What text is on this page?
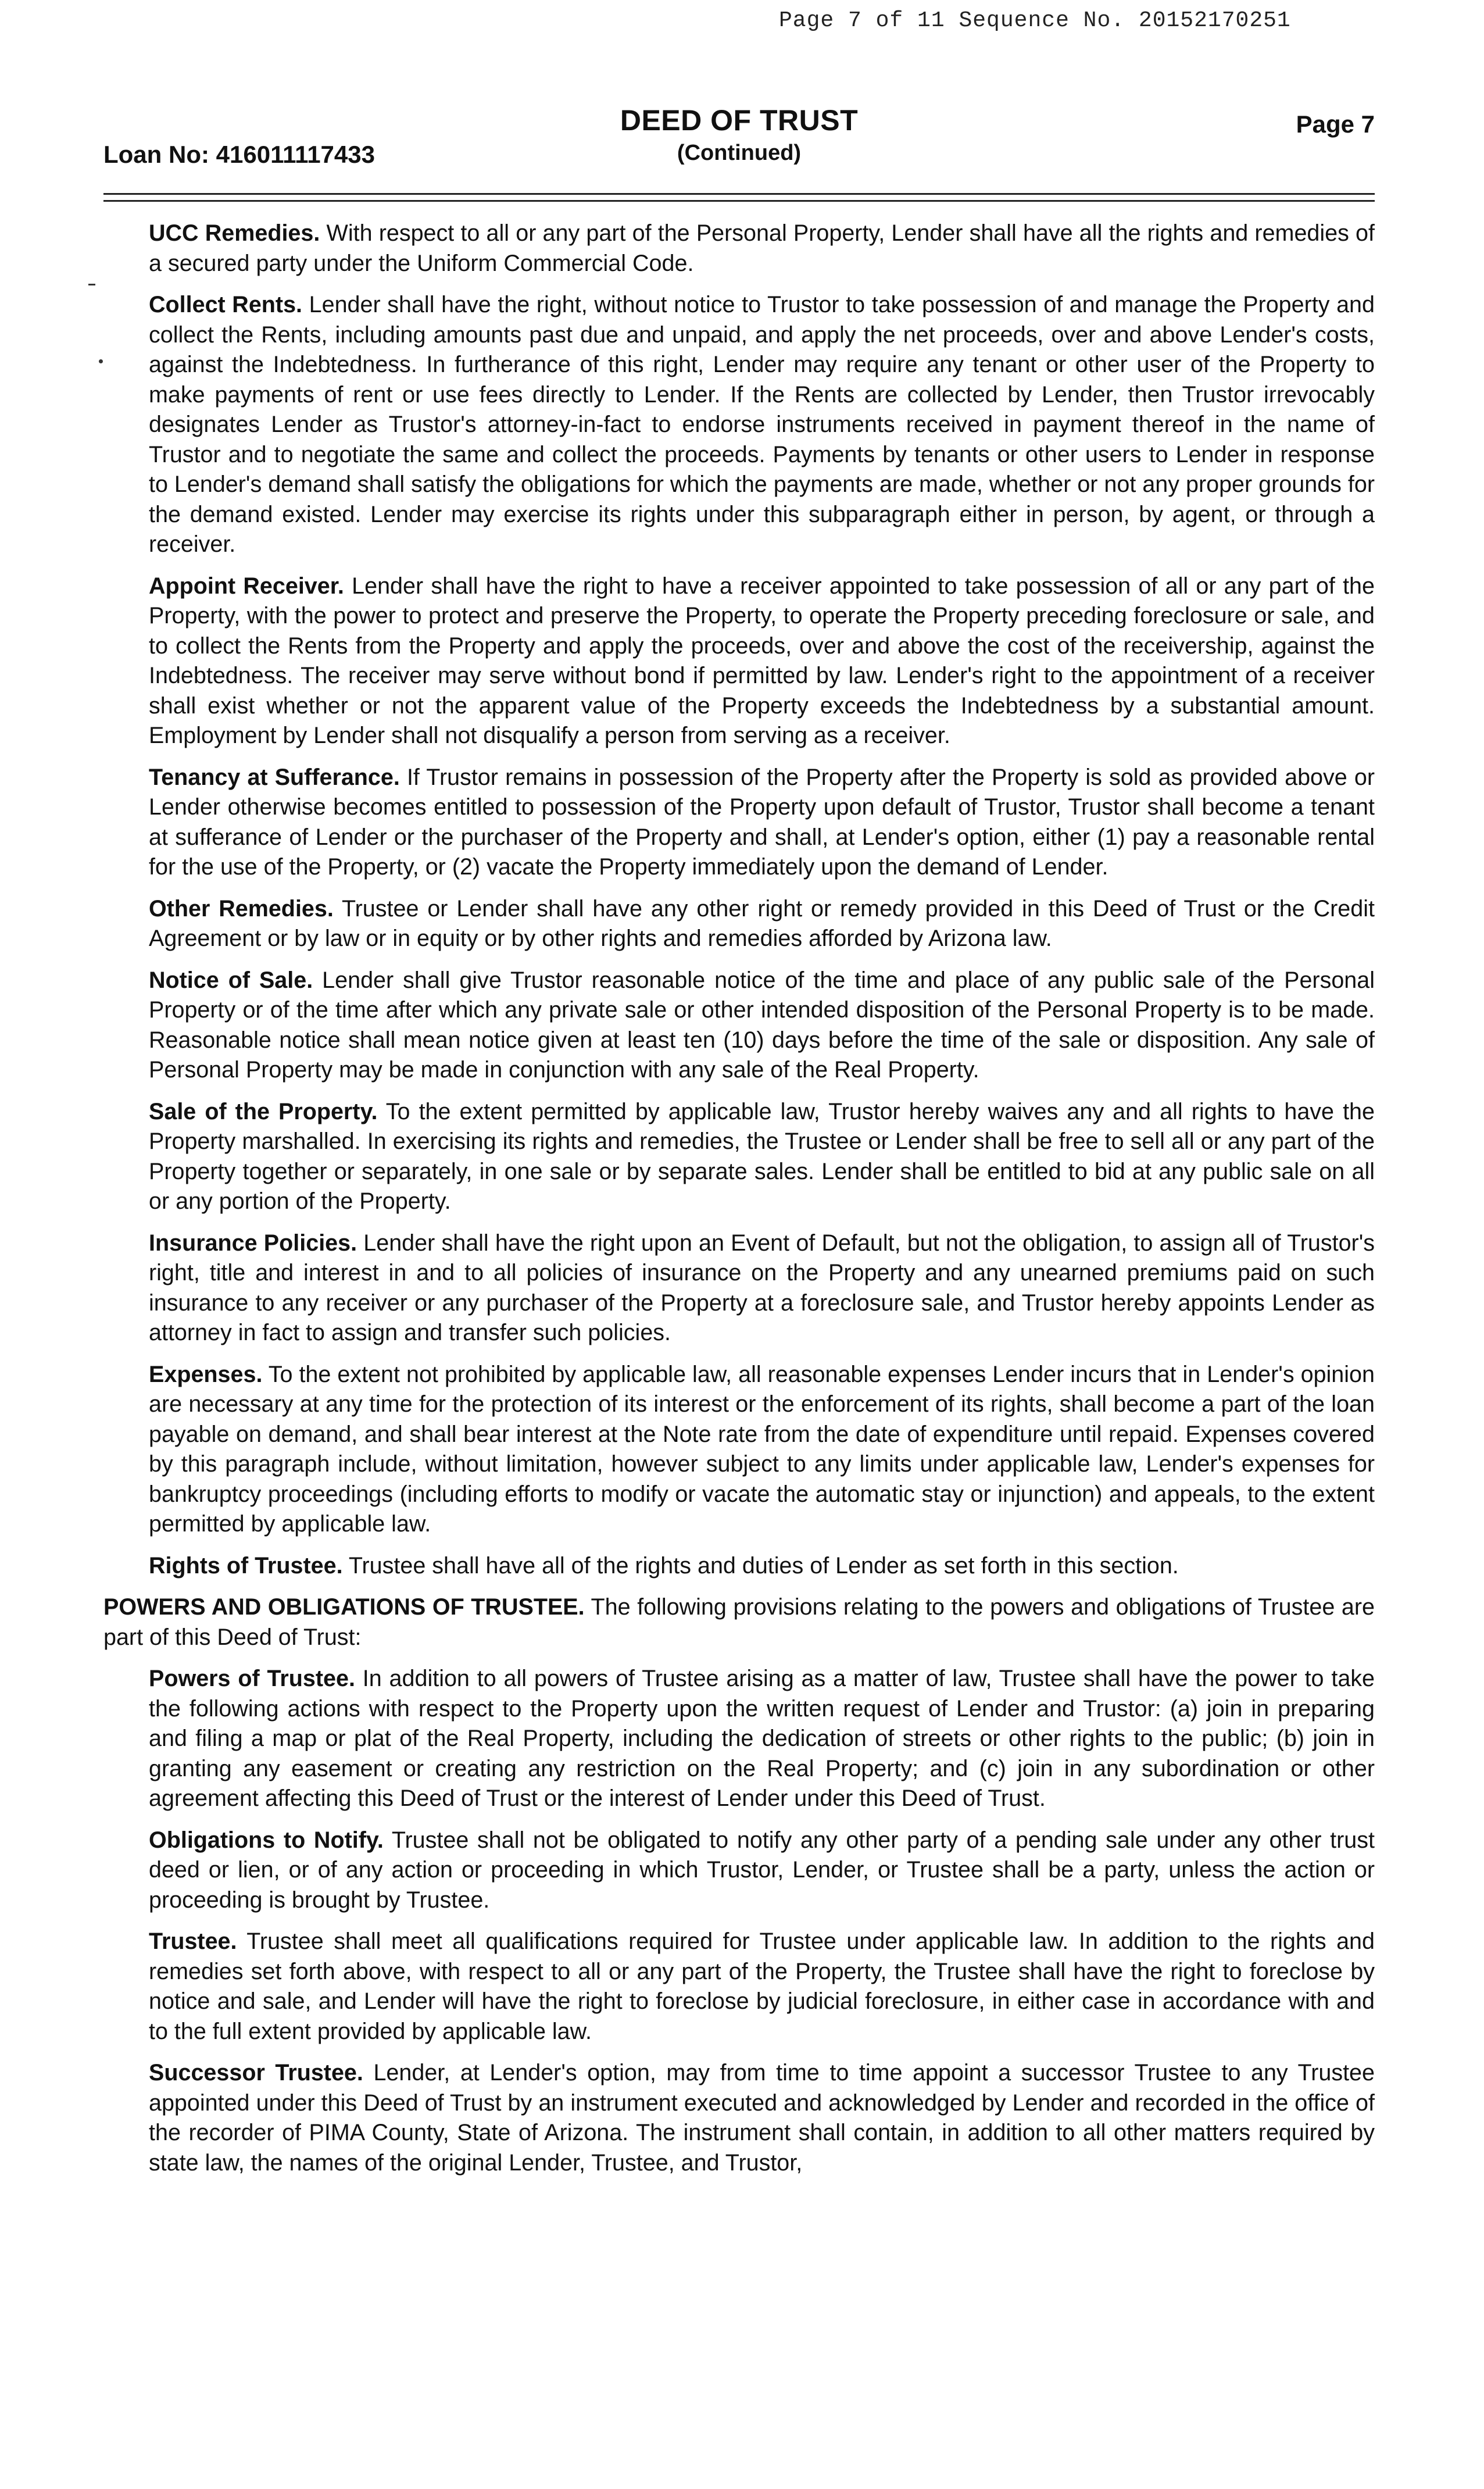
Page 7 of 11 Sequence No. 20152170251
Loan No: 416011117433
DEED OF TRUST
(Continued)
Page 7

UCC Remedies. With respect to all or any part of the Personal Property, Lender shall have all the rights and remedies of a secured party under the Uniform Commercial Code.

Collect Rents. Lender shall have the right, without notice to Trustor to take possession of and manage the Property and collect the Rents, including amounts past due and unpaid, and apply the net proceeds, over and above Lender's costs, against the Indebtedness. In furtherance of this right, Lender may require any tenant or other user of the Property to make payments of rent or use fees directly to Lender. If the Rents are collected by Lender, then Trustor irrevocably designates Lender as Trustor's attorney-in-fact to endorse instruments received in payment thereof in the name of Trustor and to negotiate the same and collect the proceeds. Payments by tenants or other users to Lender in response to Lender's demand shall satisfy the obligations for which the payments are made, whether or not any proper grounds for the demand existed. Lender may exercise its rights under this subparagraph either in person, by agent, or through a receiver.

Appoint Receiver. Lender shall have the right to have a receiver appointed to take possession of all or any part of the Property, with the power to protect and preserve the Property, to operate the Property preceding foreclosure or sale, and to collect the Rents from the Property and apply the proceeds, over and above the cost of the receivership, against the Indebtedness. The receiver may serve without bond if permitted by law. Lender's right to the appointment of a receiver shall exist whether or not the apparent value of the Property exceeds the Indebtedness by a substantial amount. Employment by Lender shall not disqualify a person from serving as a receiver.

Tenancy at Sufferance. If Trustor remains in possession of the Property after the Property is sold as provided above or Lender otherwise becomes entitled to possession of the Property upon default of Trustor, Trustor shall become a tenant at sufferance of Lender or the purchaser of the Property and shall, at Lender's option, either (1) pay a reasonable rental for the use of the Property, or (2) vacate the Property immediately upon the demand of Lender.

Other Remedies. Trustee or Lender shall have any other right or remedy provided in this Deed of Trust or the Credit Agreement or by law or in equity or by other rights and remedies afforded by Arizona law.

Notice of Sale. Lender shall give Trustor reasonable notice of the time and place of any public sale of the Personal Property or of the time after which any private sale or other intended disposition of the Personal Property is to be made. Reasonable notice shall mean notice given at least ten (10) days before the time of the sale or disposition. Any sale of Personal Property may be made in conjunction with any sale of the Real Property.

Sale of the Property. To the extent permitted by applicable law, Trustor hereby waives any and all rights to have the Property marshalled. In exercising its rights and remedies, the Trustee or Lender shall be free to sell all or any part of the Property together or separately, in one sale or by separate sales. Lender shall be entitled to bid at any public sale on all or any portion of the Property.

Insurance Policies. Lender shall have the right upon an Event of Default, but not the obligation, to assign all of Trustor's right, title and interest in and to all policies of insurance on the Property and any unearned premiums paid on such insurance to any receiver or any purchaser of the Property at a foreclosure sale, and Trustor hereby appoints Lender as attorney in fact to assign and transfer such policies.

Expenses. To the extent not prohibited by applicable law, all reasonable expenses Lender incurs that in Lender's opinion are necessary at any time for the protection of its interest or the enforcement of its rights, shall become a part of the loan payable on demand, and shall bear interest at the Note rate from the date of expenditure until repaid. Expenses covered by this paragraph include, without limitation, however subject to any limits under applicable law, Lender's expenses for bankruptcy proceedings (including efforts to modify or vacate the automatic stay or injunction) and appeals, to the extent permitted by applicable law.

Rights of Trustee. Trustee shall have all of the rights and duties of Lender as set forth in this section.

POWERS AND OBLIGATIONS OF TRUSTEE. The following provisions relating to the powers and obligations of Trustee are part of this Deed of Trust:

Powers of Trustee. In addition to all powers of Trustee arising as a matter of law, Trustee shall have the power to take the following actions with respect to the Property upon the written request of Lender and Trustor: (a) join in preparing and filing a map or plat of the Real Property, including the dedication of streets or other rights to the public; (b) join in granting any easement or creating any restriction on the Real Property; and (c) join in any subordination or other agreement affecting this Deed of Trust or the interest of Lender under this Deed of Trust.

Obligations to Notify. Trustee shall not be obligated to notify any other party of a pending sale under any other trust deed or lien, or of any action or proceeding in which Trustor, Lender, or Trustee shall be a party, unless the action or proceeding is brought by Trustee.

Trustee. Trustee shall meet all qualifications required for Trustee under applicable law. In addition to the rights and remedies set forth above, with respect to all or any part of the Property, the Trustee shall have the right to foreclose by notice and sale, and Lender will have the right to foreclose by judicial foreclosure, in either case in accordance with and to the full extent provided by applicable law.

Successor Trustee. Lender, at Lender's option, may from time to time appoint a successor Trustee to any Trustee appointed under this Deed of Trust by an instrument executed and acknowledged by Lender and recorded in the office of the recorder of PIMA County, State of Arizona. The instrument shall contain, in addition to all other matters required by state law, the names of the original Lender, Trustee, and Trustor,
